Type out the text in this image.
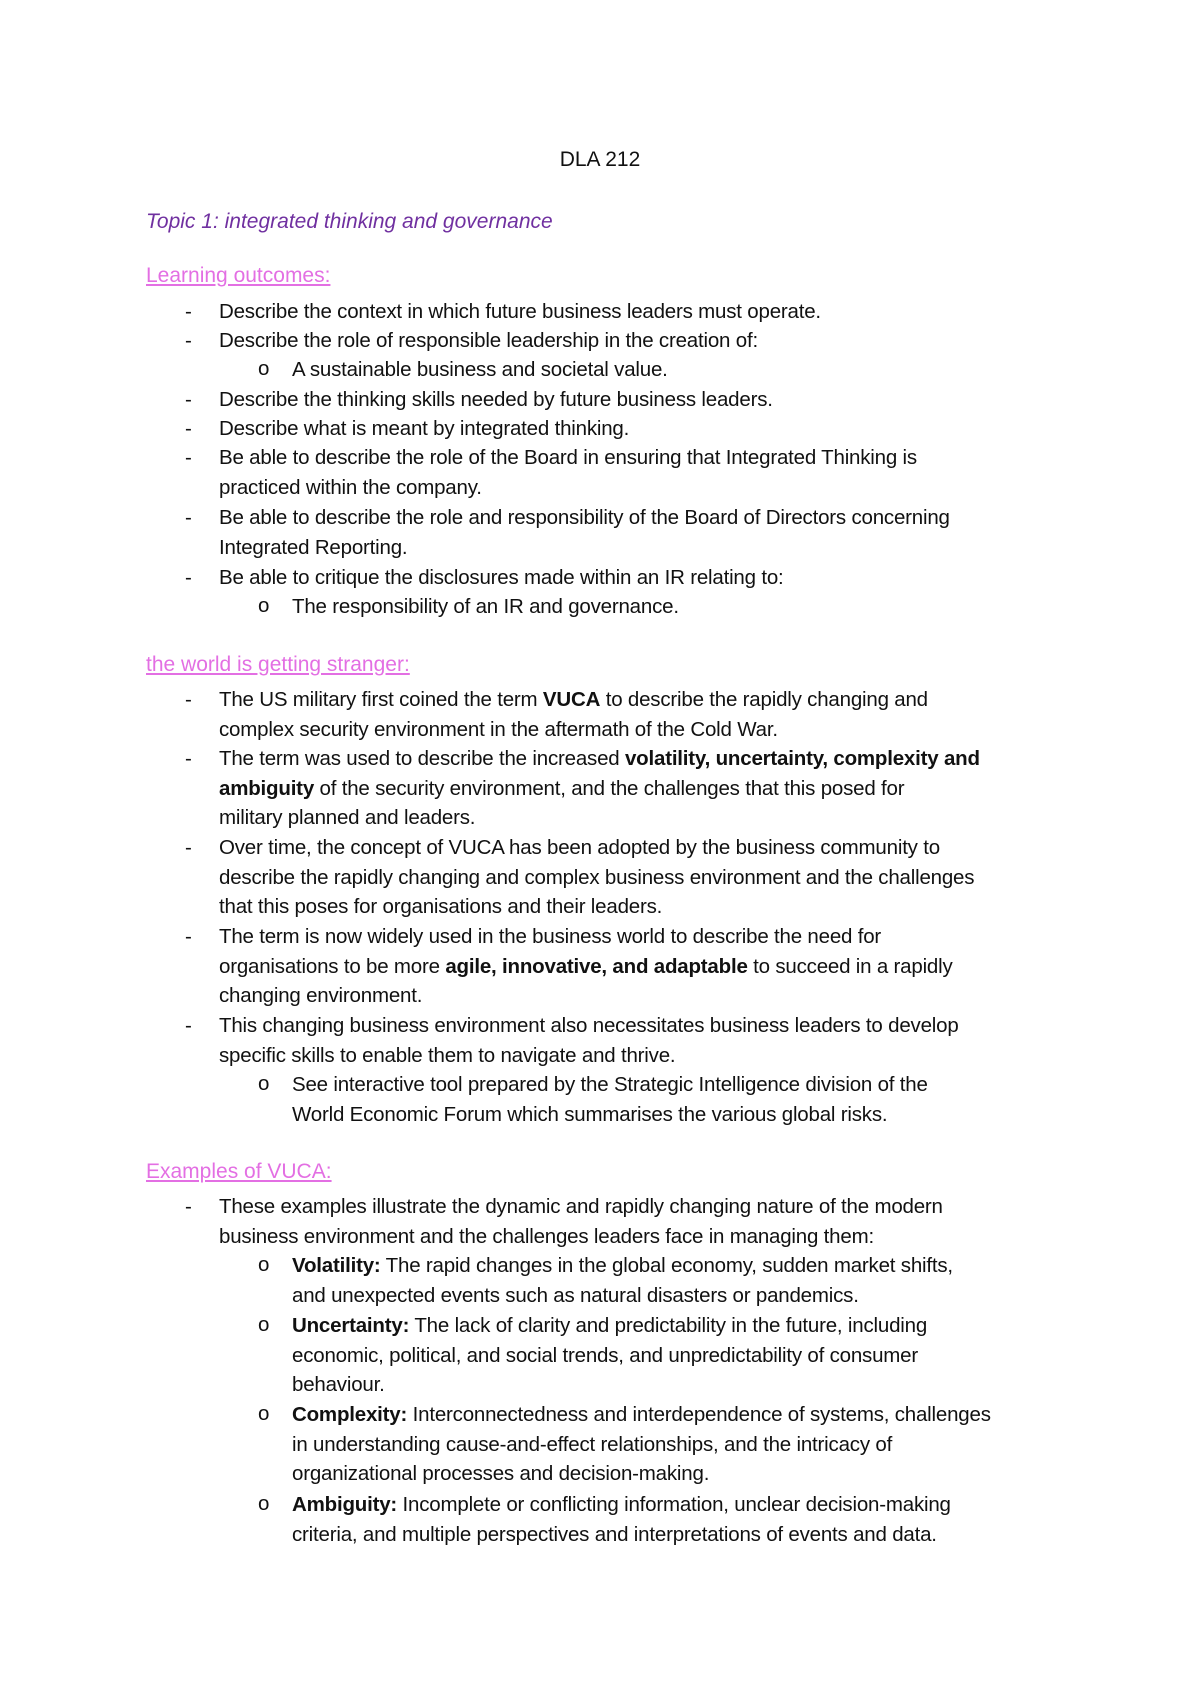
DLA 212
Topic 1: integrated thinking and governance
Learning outcomes:
- Describe the context in which future business leaders must operate.
- Describe the role of responsible leadership in the creation of:
o A sustainable business and societal value.
- Describe the thinking skills needed by future business leaders.
- Describe what is meant by integrated thinking.
- Be able to describe the role of the Board in ensuring that Integrated Thinking is
practiced within the company.
- Be able to describe the role and responsibility of the Board of Directors concerning
Integrated Reporting.
- Be able to critique the disclosures made within an IR relating to:
o The responsibility of an IR and governance.
the world is getting stranger:
- The US military first coined the term VUCA to describe the rapidly changing and
complex security environment in the aftermath of the Cold War.
- The term was used to describe the increased volatility, uncertainty, complexity and
ambiguity of the security environment, and the challenges that this posed for
military planned and leaders.
- Over time, the concept of VUCA has been adopted by the business community to
describe the rapidly changing and complex business environment and the challenges
that this poses for organisations and their leaders.
- The term is now widely used in the business world to describe the need for
organisations to be more agile, innovative, and adaptable to succeed in a rapidly
changing environment.
- This changing business environment also necessitates business leaders to develop
specific skills to enable them to navigate and thrive.
o See interactive tool prepared by the Strategic Intelligence division of the
World Economic Forum which summarises the various global risks.
Examples of VUCA:
- These examples illustrate the dynamic and rapidly changing nature of the modern
business environment and the challenges leaders face in managing them:
o Volatility: The rapid changes in the global economy, sudden market shifts,
and unexpected events such as natural disasters or pandemics.
o Uncertainty: The lack of clarity and predictability in the future, including
economic, political, and social trends, and unpredictability of consumer
behaviour.
o Complexity: Interconnectedness and interdependence of systems, challenges
in understanding cause-and-effect relationships, and the intricacy of
organizational processes and decision-making.
o Ambiguity: Incomplete or conflicting information, unclear decision-making
criteria, and multiple perspectives and interpretations of events and data.
